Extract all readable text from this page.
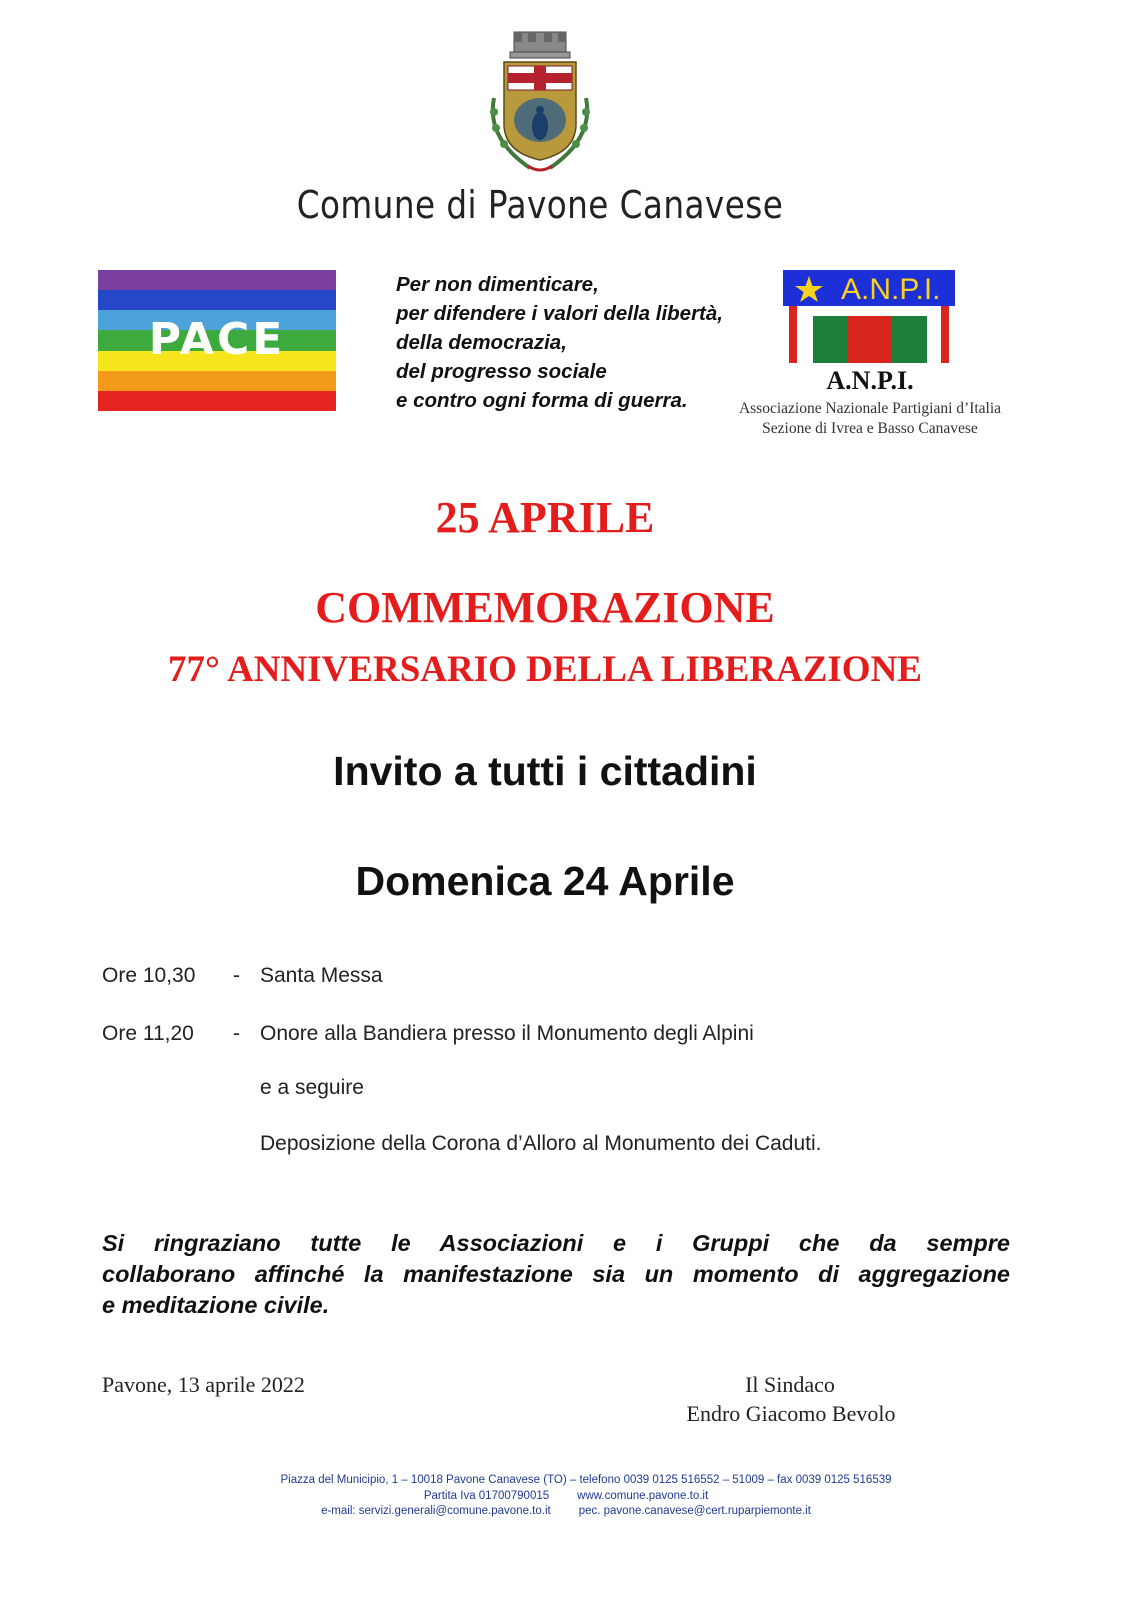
Comune di Pavone Canavese
PACE
Per non dimenticare,
per difendere i valori della libertà,
della democrazia,
del progresso sociale
e contro ogni forma di guerra.
A.N.P.I.
A.N.P.I.
Associazione Nazionale Partigiani d’Italia
Sezione di Ivrea e Basso Canavese
25 APRILE
COMMEMORAZIONE
77° ANNIVERSARIO DELLA LIBERAZIONE
Invito a tutti i cittadini
Domenica 24 Aprile
Ore 10,30 - Santa Messa
Ore 11,20 - Onore alla Bandiera presso il Monumento degli Alpini
e a seguire
Deposizione della Corona d’Alloro al Monumento dei Caduti.
Si ringraziano tutte le Associazioni e i Gruppi che da sempre
collaborano affinché la manifestazione sia un momento di aggregazione
e meditazione civile.
Pavone, 13 aprile 2022	Il Sindaco
Endro Giacomo Bevolo
Piazza del Municipio, 1 – 10018 Pavone Canavese (TO) – telefono 0039 0125 516552 – 51009 – fax 0039 0125 516539
Partita Iva 01700790015 www.comune.pavone.to.it
e-mail: servizi.generali@comune.pavone.to.it pec. pavone.canavese@cert.ruparpiemonte.it
